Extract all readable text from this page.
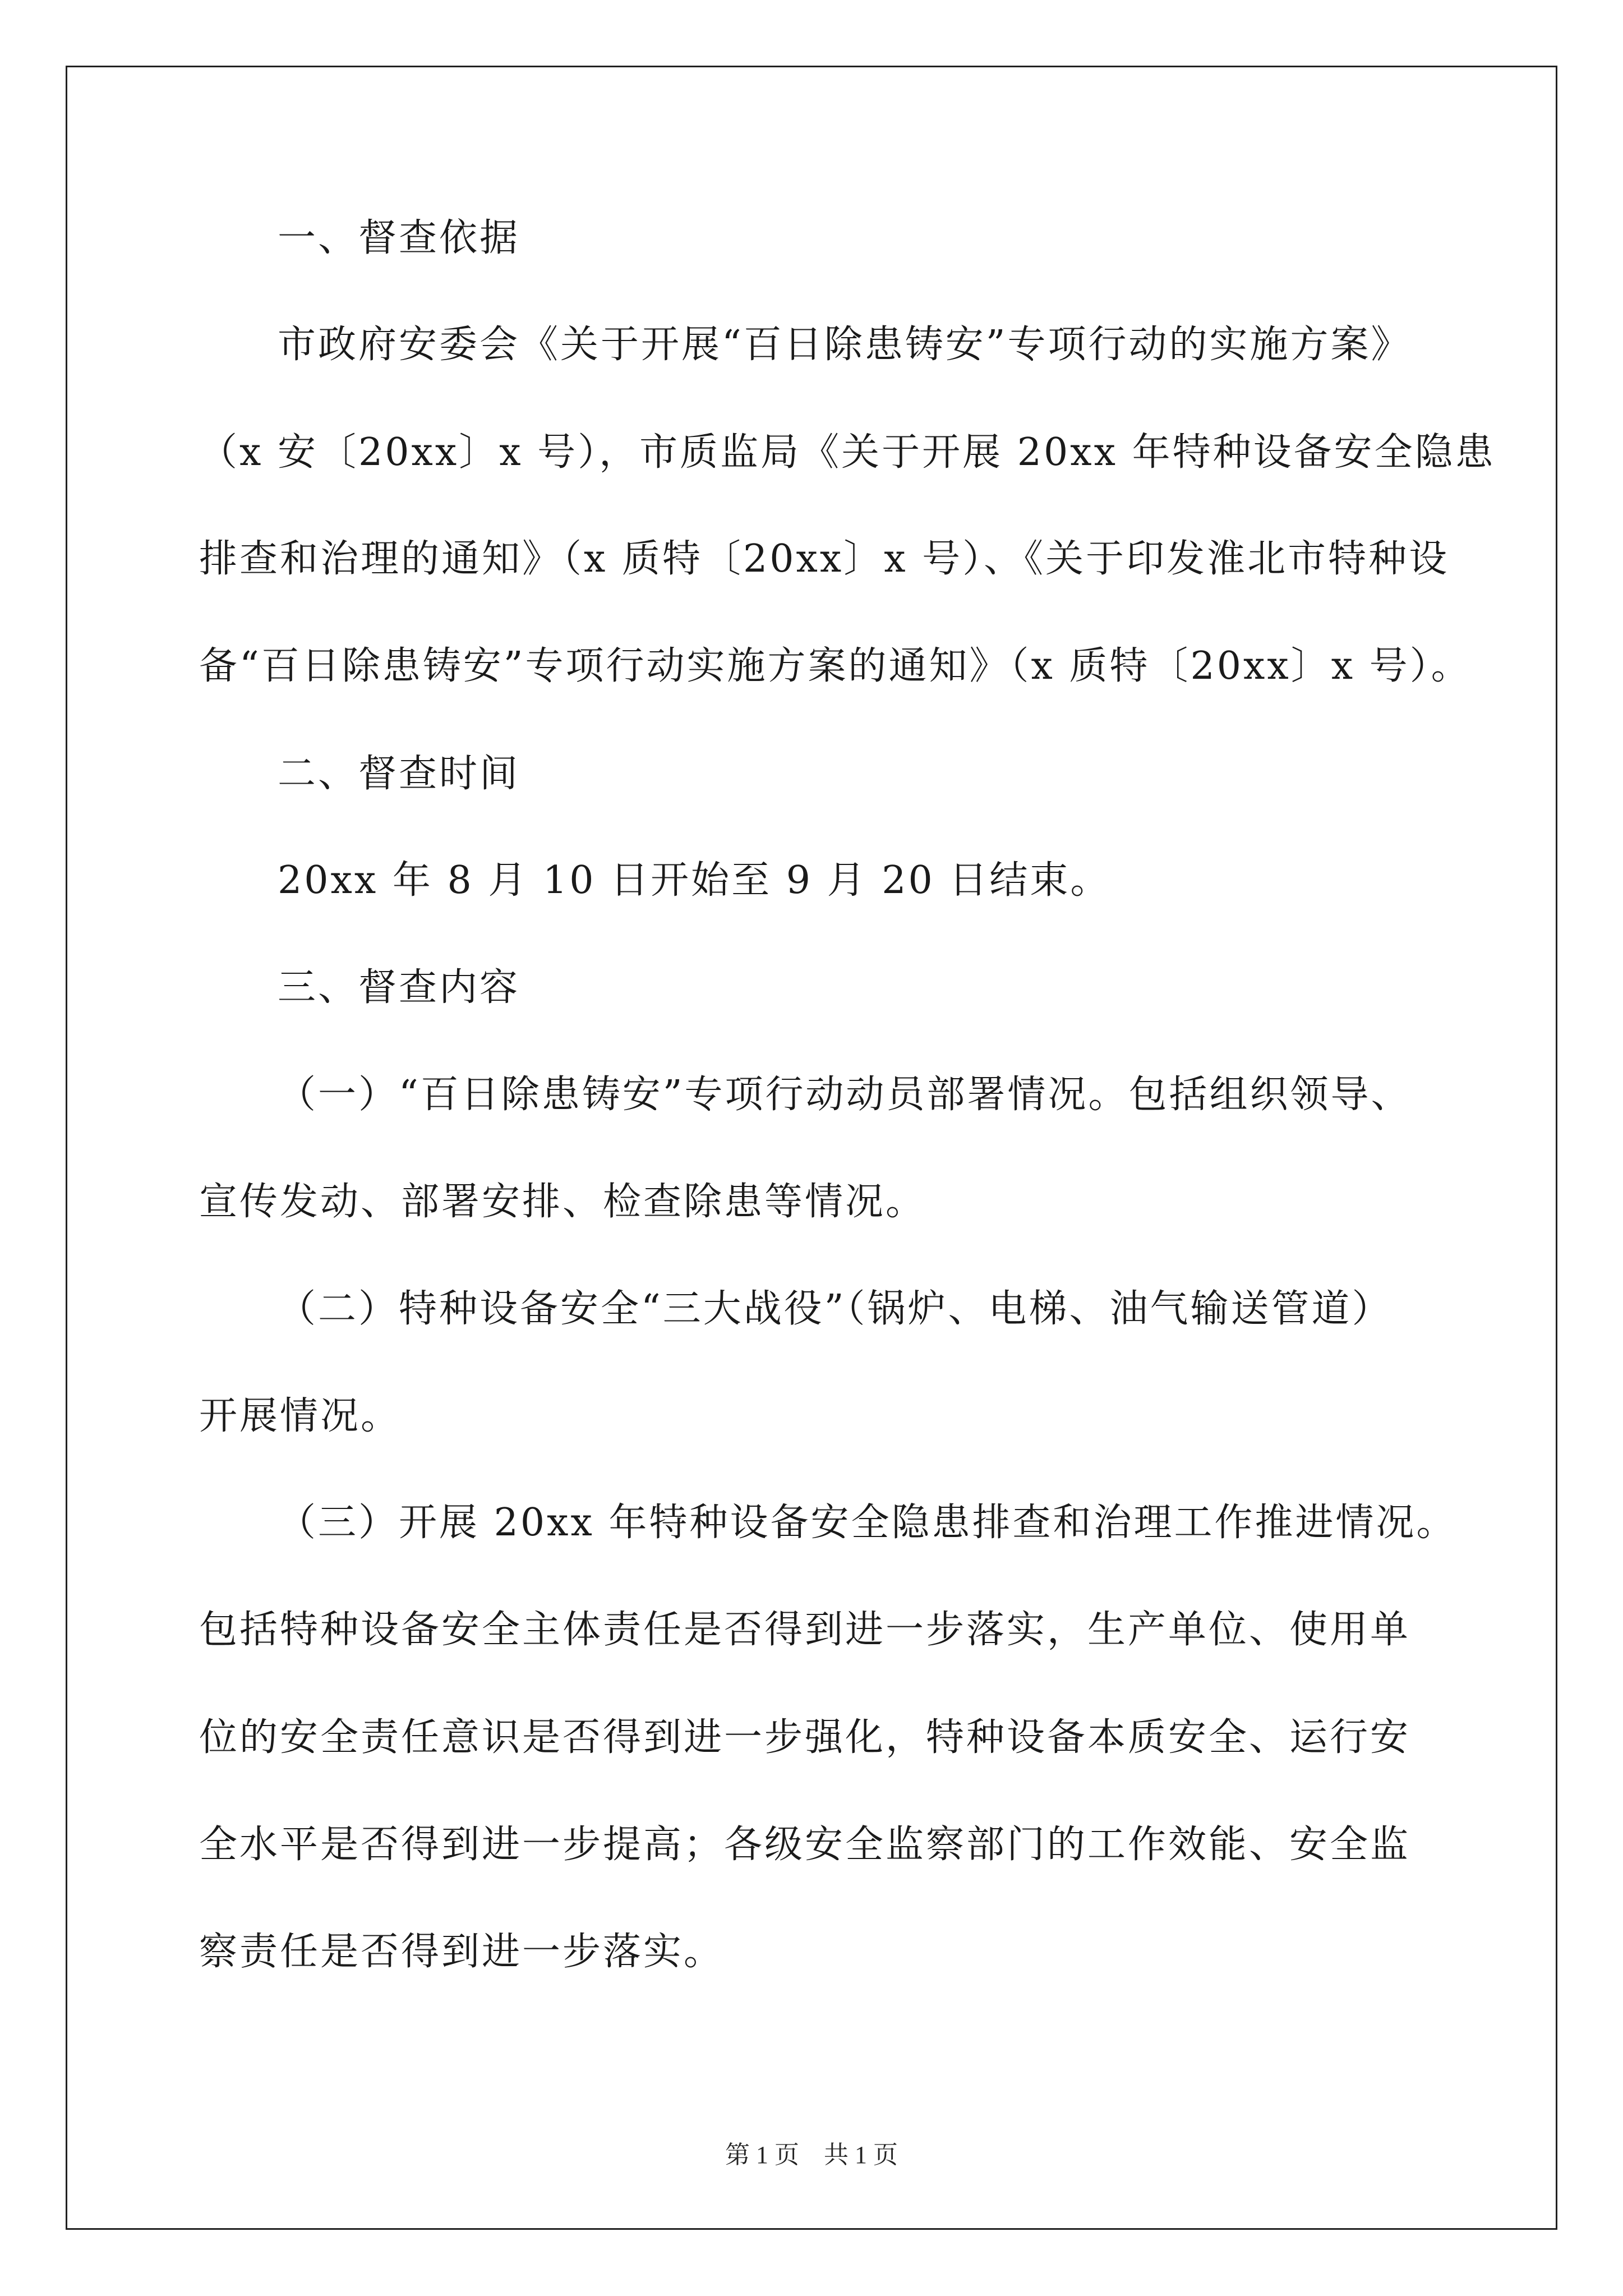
一、督查依据
市政府安委会《关于开展“百日除患铸安”专项行动的实施方案》
（x 安〔20xx〕x 号），市质监局《关于开展 20xx 年特种设备安全隐患
排查和治理的通知》（x 质特〔20xx〕x 号）、《关于印发淮北市特种设
备“百日除患铸安”专项行动实施方案的通知》（x 质特〔20xx〕x 号）。
二、督查时间
20xx 年 8 月 10 日开始至 9 月 20 日结束。
三、督查内容
（一）“百日除患铸安”专项行动动员部署情况。包括组织领导、
宣传发动、部署安排、检查除患等情况。
（二）特种设备安全“三大战役”（锅炉、电梯、油气输送管道）
开展情况。
（三）开展 20xx 年特种设备安全隐患排查和治理工作推进情况。
包括特种设备安全主体责任是否得到进一步落实，生产单位、使用单
位的安全责任意识是否得到进一步强化，特种设备本质安全、运行安
全水平是否得到进一步提高；各级安全监察部门的工作效能、安全监
察责任是否得到进一步落实。
第 1 页　共 1 页
